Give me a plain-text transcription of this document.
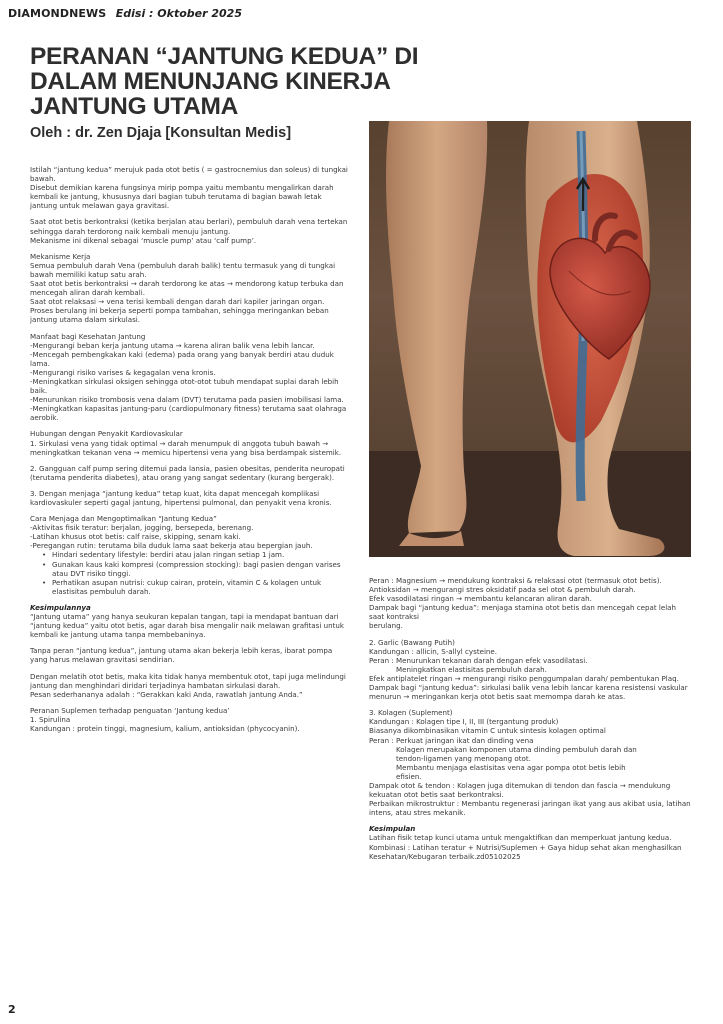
DIAMONDNEWS Edisi : Oktober 2025
PERANAN “JANTUNG KEDUA” DI DALAM MENUNJANG KINERJA JANTUNG UTAMA
Oleh : dr. Zen Djaja [Konsultan Medis]

Istilah “jantung kedua” merujuk pada otot betis ( = gastrocnemius dan soleus) di tungkai bawah.
Disebut demikian karena fungsinya mirip pompa yaitu membantu mengalirkan darah kembali ke jantung, khususnya dari bagian tubuh terutama di bagian bawah letak jantung untuk melawan gaya gravitasi.

Saat otot betis berkontraksi (ketika berjalan atau berlari), pembuluh darah vena tertekan sehingga darah terdorong naik kembali menuju jantung.
Mekanisme ini dikenal sebagai ‘muscle pump’ atau ‘calf pump’.

Mekanisme Kerja
Semua pembuluh darah Vena (pembuluh darah balik) tentu termasuk yang di tungkai bawah memiliki katup satu arah.
Saat otot betis berkontraksi → darah terdorong ke atas → mendorong katup terbuka dan mencegah aliran darah kembali.
Saat otot relaksasi → vena terisi kembali dengan darah dari kapiler jaringan organ.
Proses berulang ini bekerja seperti pompa tambahan, sehingga meringankan beban jantung utama dalam sirkulasi.

Manfaat bagi Kesehatan Jantung
-Mengurangi beban kerja jantung utama → karena aliran balik vena lebih lancar.
-Mencegah pembengkakan kaki (edema) pada orang yang banyak berdiri atau duduk lama.
-Mengurangi risiko varises & kegagalan vena kronis.
-Meningkatkan sirkulasi oksigen sehingga otot-otot tubuh mendapat suplai darah lebih baik.
-Menurunkan risiko trombosis vena dalam (DVT) terutama pada pasien imobilisasi lama.
-Meningkatkan kapasitas jantung-paru (cardiopulmonary fitness) terutama saat olahraga aerobik.

Hubungan dengan Penyakit Kardiovaskular
1. Sirkulasi vena yang tidak optimal → darah menumpuk di anggota tubuh bawah → meningkatkan tekanan vena → memicu hipertensi vena yang bisa berdampak sistemik.

2. Gangguan calf pump sering ditemui pada lansia, pasien obesitas, penderita neuropati (terutama penderita diabetes), atau orang yang sangat sedentary (kurang bergerak).

3. Dengan menjaga “jantung kedua” tetap kuat, kita dapat mencegah komplikasi kardiovaskuler seperti gagal jantung, hipertensi pulmonal, dan penyakit vena kronis.

Cara Menjaga dan Mengoptimalkan “Jantung Kedua”
-Aktivitas fisik teratur: berjalan, jogging, bersepeda, berenang.
-Latihan khusus otot betis: calf raise, skipping, senam kaki.
-Peregangan rutin: terutama bila duduk lama saat bekerja atau bepergian jauh.
• Hindari sedentary lifestyle: berdiri atau jalan ringan setiap 1 jam.
• Gunakan kaus kaki kompresi (compression stocking): bagi pasien dengan varises atau DVT risiko tinggi.
• Perhatikan asupan nutrisi: cukup cairan, protein, vitamin C & kolagen untuk elastisitas pembuluh darah.

Kesimpulannya
“Jantung utama” yang hanya seukuran kepalan tangan, tapi ia mendapat bantuan dari “jantung kedua” yaitu otot betis, agar darah bisa mengalir naik melawan grafitasi untuk kembali ke jantung utama tanpa membebaninya.

Tanpa peran “jantung kedua”, jantung utama akan bekerja lebih keras, ibarat pompa yang harus melawan gravitasi sendirian.

Dengan melatih otot betis, maka kita tidak hanya membentuk otot, tapi juga melindungi jantung dan menghindari diridari terjadinya hambatan sirkulasi darah.
Pesan sederhananya adalah : “Gerakkan kaki Anda, rawatlah jantung Anda.”

Peranan Suplemen terhadap penguatan ‘Jantung kedua’
1. Spirulina
Kandungan : protein tinggi, magnesium, kalium, antioksidan (phycocyanin).

Peran : Magnesium → mendukung kontraksi & relaksasi otot (termasuk otot betis).
Antioksidan → mengurangi stres oksidatif pada sel otot & pembuluh darah.
Efek vasodilatasi ringan → membantu kelancaran aliran darah.
Dampak bagi “jantung kedua”: menjaga stamina otot betis dan mencegah cepat lelah saat kontraksi
berulang.

2. Garlic (Bawang Putih)
Kandungan : allicin, S-allyl cysteine.
Peran : Menurunkan tekanan darah dengan efek vasodilatasi.
Meningkatkan elastisitas pembuluh darah.
Efek antiplatelet ringan → mengurangi risiko penggumpalan darah/ pembentukan Plaq.
Dampak bagi “jantung kedua”: sirkulasi balik vena lebih lancar karena resistensi vaskular menurun → meringankan kerja otot betis saat memompa darah ke atas.

3. Kolagen (Suplement)
Kandungan : Kolagen tipe I, II, III (tergantung produk)
Biasanya dikombinasikan vitamin C untuk sintesis kolagen optimal
Peran : Perkuat jaringan ikat dan dinding vena
Kolagen merupakan komponen utama dinding pembuluh darah dan
tendon-ligamen yang menopang otot.
Membantu menjaga elastisitas vena agar pompa otot betis lebih
efisien.
Dampak otot & tendon : Kolagen juga ditemukan di tendon dan fascia → mendukung kekuatan otot betis saat berkontraksi.
Perbaikan mikrostruktur : Membantu regenerasi jaringan ikat yang aus akibat usia, latihan intens, atau stres mekanik.

Kesimpulan
Latihan fisik tetap kunci utama untuk mengaktifkan dan memperkuat jantung kedua.
Kombinasi : Latihan teratur + Nutrisi/Suplemen + Gaya hidup sehat akan menghasilkan Kesehatan/Kebugaran terbaik.zd05102025

2
